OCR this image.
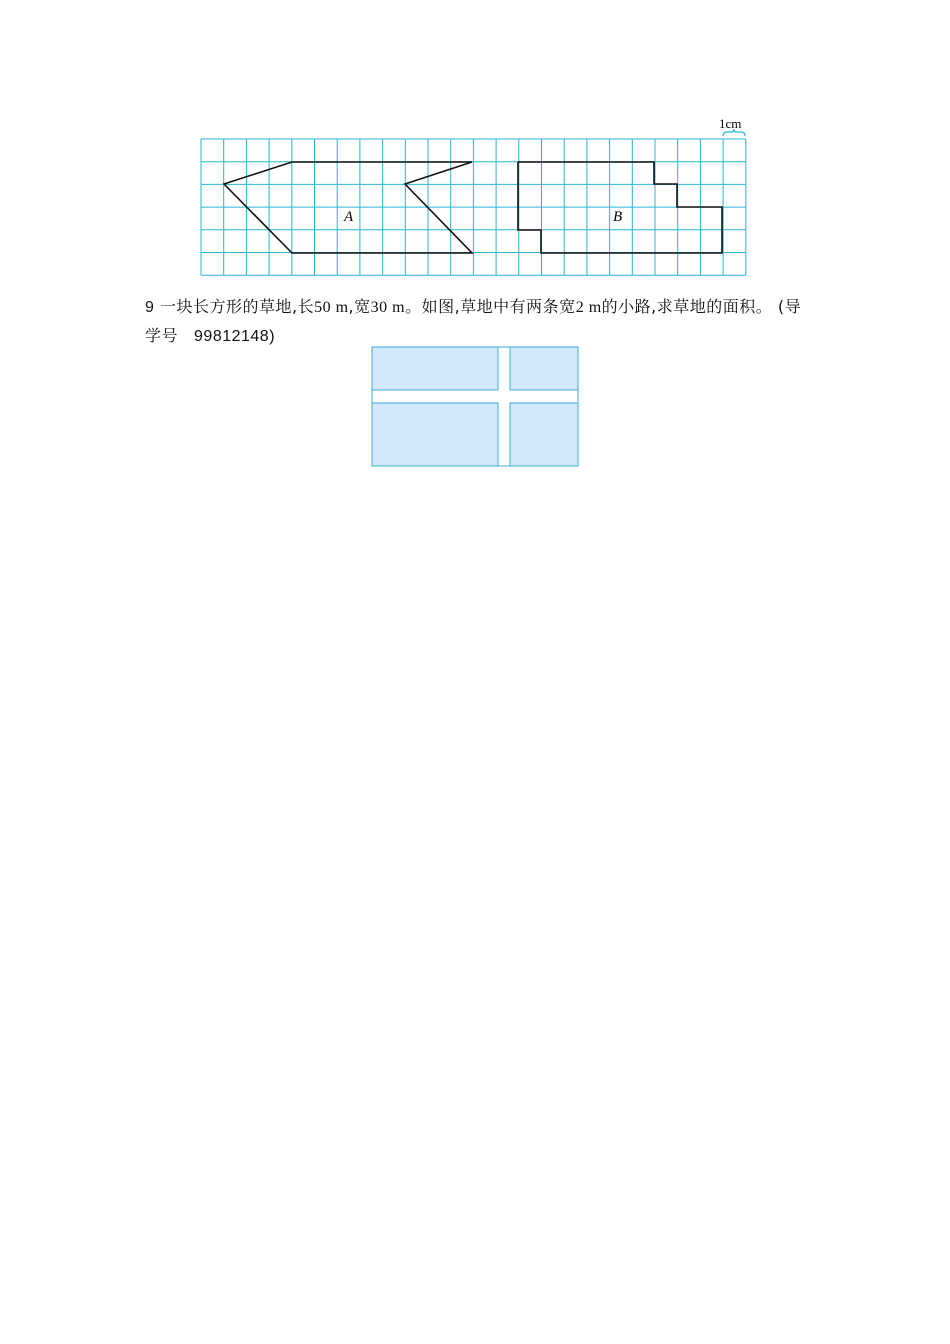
A	B
1cm
9 一块长方形的草地,长50 m,宽30 m。如图,草地中有两条宽2 m的小路,求草地的面积。 (导学号 99812148)
